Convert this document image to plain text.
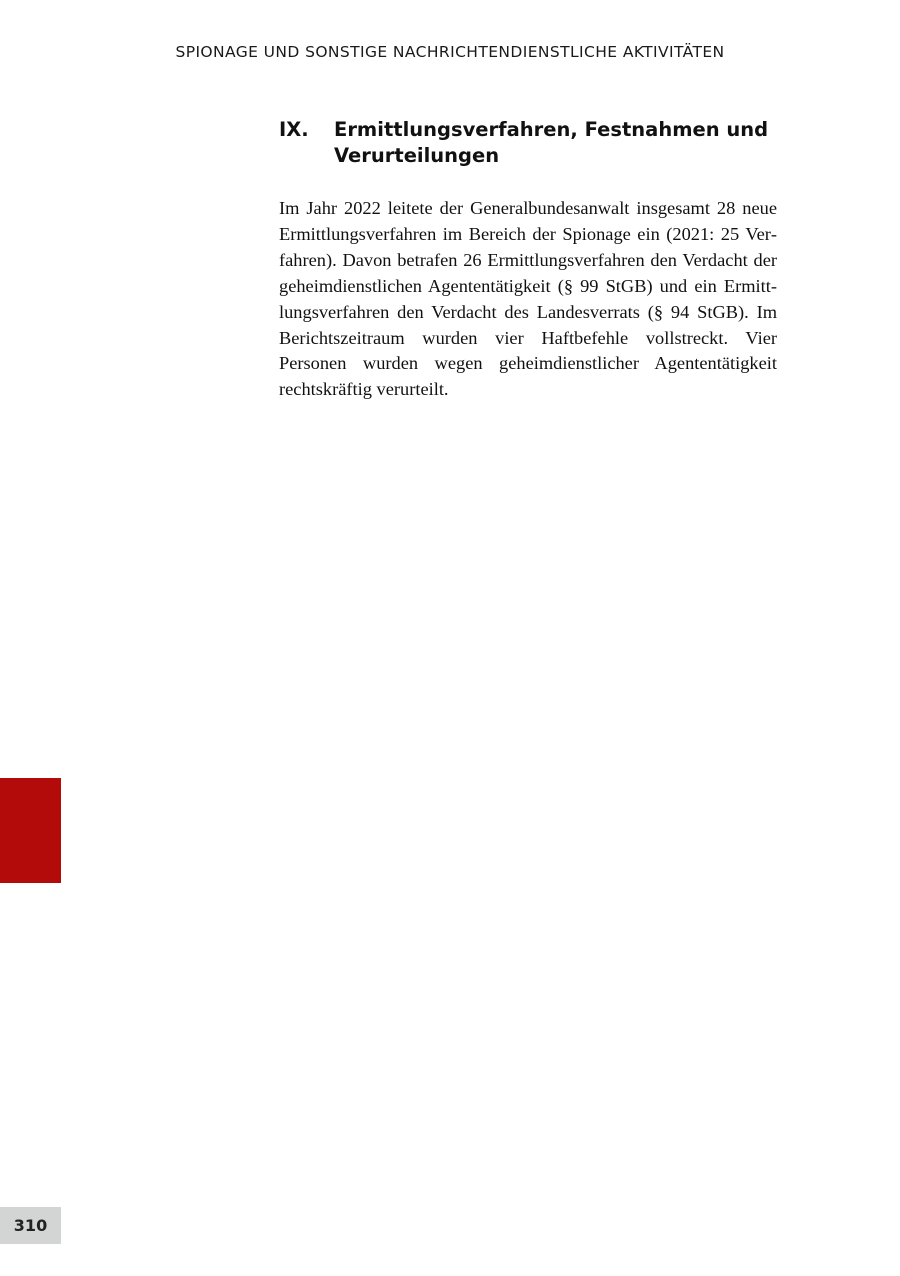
SPIONAGE UND SONSTIGE NACHRICHTENDIENSTLICHE AKTIVITÄTEN
IX.	Ermittlungsverfahren, Festnahmen und Verurteilungen

Im Jahr 2022 leitete der Generalbundesanwalt insgesamt 28 neue Ermittlungsverfahren im Bereich der Spionage ein (2021: 25 Verfahren). Davon betrafen 26 Ermittlungsverfahren den Verdacht der geheimdienstlichen Agententätigkeit (§ 99 StGB) und ein Ermittlungsverfahren den Verdacht des Landesverrats (§ 94 StGB). Im Berichtszeitraum wurden vier Haftbefehle vollstreckt. Vier Personen wurden wegen geheimdienstlicher Agententätigkeit rechtskräftig verurteilt.

310
